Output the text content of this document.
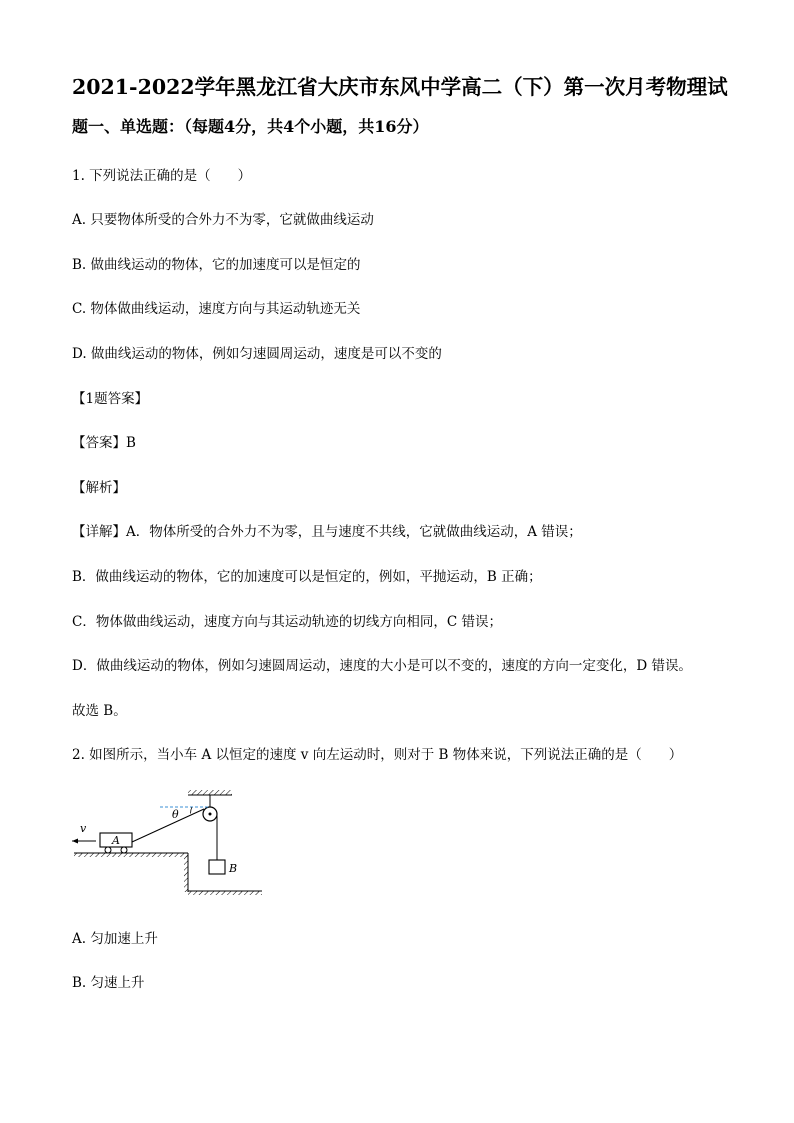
2021-2022学年黑龙江省大庆市东风中学高二（下）第一次月考物理试
题一、单选题：（每题4分，共4个小题，共16分）
1. 下列说法正确的是（　　）
A. 只要物体所受的合外力不为零，它就做曲线运动
B. 做曲线运动的物体，它的加速度可以是恒定的
C. 物体做曲线运动，速度方向与其运动轨迹无关
D. 做曲线运动的物体，例如匀速圆周运动，速度是可以不变的
【1题答案】
【答案】B
【解析】
【详解】A．物体所受的合外力不为零，且与速度不共线，它就做曲线运动，A 错误；
B．做曲线运动的物体，它的加速度可以是恒定的，例如，平抛运动，B 正确；
C．物体做曲线运动，速度方向与其运动轨迹的切线方向相同，C 错误；
D．做曲线运动的物体，例如匀速圆周运动，速度的大小是可以不变的，速度的方向一定变化，D 错误。
故选 B。
2. 如图所示，当小车 A 以恒定的速度 v 向左运动时，则对于 B 物体来说，下列说法正确的是（　　）
θ
A
v
B
A. 匀加速上升
B. 匀速上升
